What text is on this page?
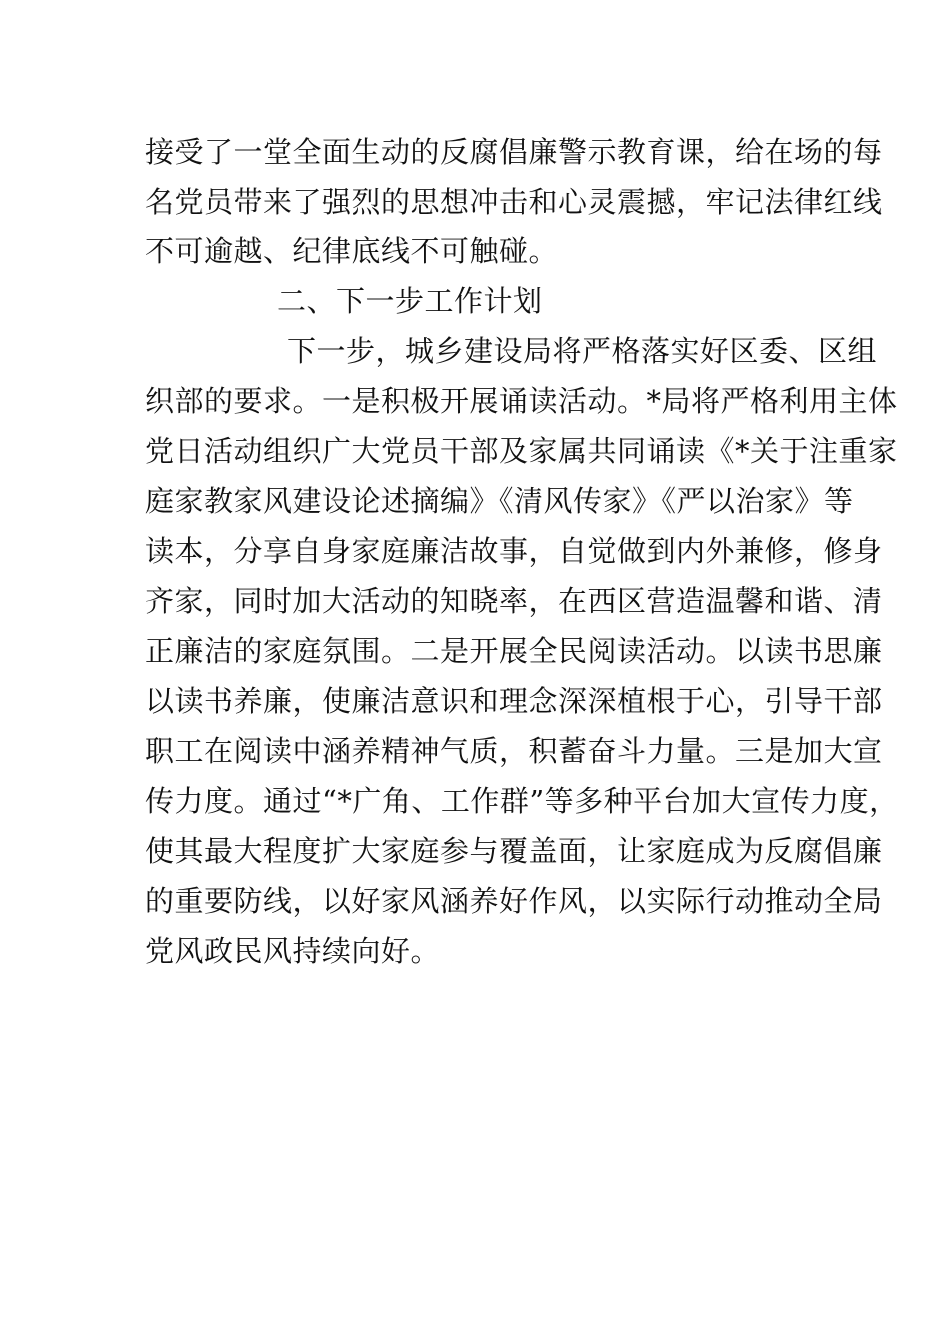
接受了一堂全面生动的反腐倡廉警示教育课，给在场的每
名党员带来了强烈的思想冲击和心灵震撼，牢记法律红线
不可逾越、纪律底线不可触碰。
二、下一步工作计划
下一步，城乡建设局将严格落实好区委、区组
织部的要求。一是积极开展诵读活动。*局将严格利用主体
党日活动组织广大党员干部及家属共同诵读《*关于注重家
庭家教家风建设论述摘编》《清风传家》《严以治家》等
读本，分享自身家庭廉洁故事，自觉做到内外兼修，修身
齐家，同时加大活动的知晓率，在西区营造温馨和谐、清
正廉洁的家庭氛围。二是开展全民阅读活动。以读书思廉
以读书养廉，使廉洁意识和理念深深植根于心，引导干部
职工在阅读中涵养精神气质，积蓄奋斗力量。三是加大宣
传力度。通过“*广角、工作群”等多种平台加大宣传力度，
使其最大程度扩大家庭参与覆盖面，让家庭成为反腐倡廉
的重要防线，以好家风涵养好作风，以实际行动推动全局
党风政民风持续向好。
